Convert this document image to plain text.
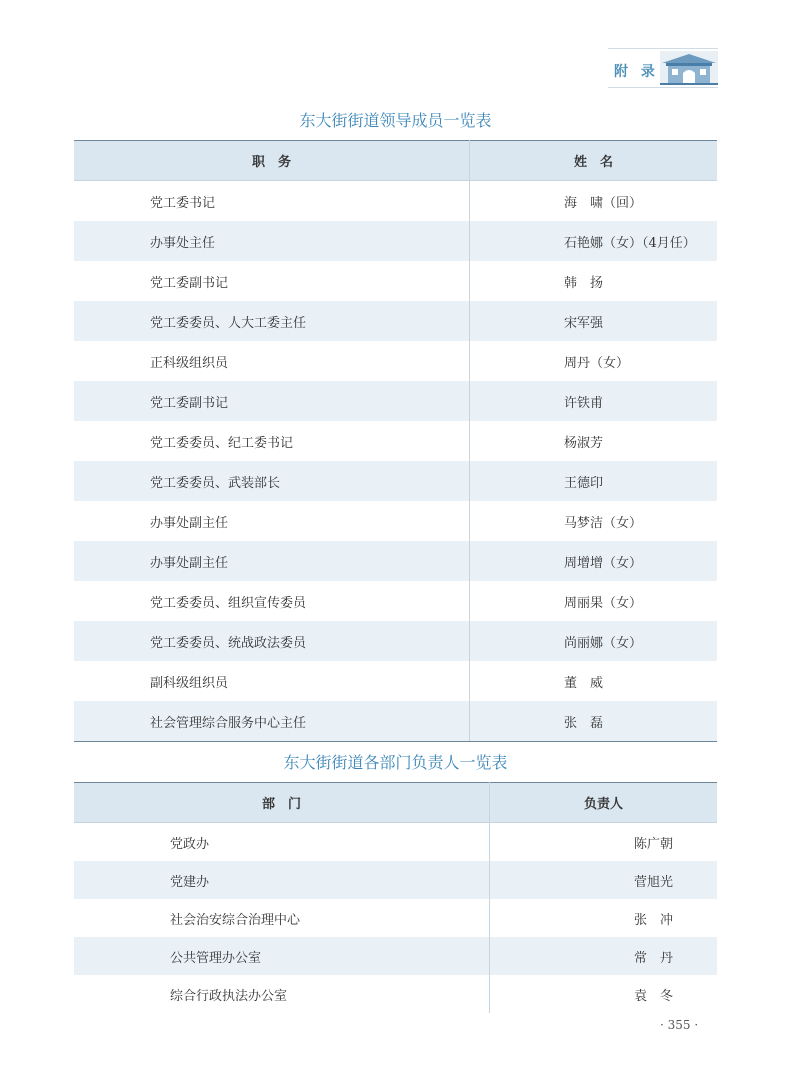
附 录
东大街街道领导成员一览表
职　务	姓　名
党工委书记	海　啸（回）
办事处主任	石艳娜（女）（4月任）
党工委副书记	韩　扬
党工委委员、人大工委主任	宋军强
正科级组织员	周丹（女）
党工委副书记	许铁甫
党工委委员、纪工委书记	杨淑芳
党工委委员、武装部长	王德印
办事处副主任	马梦洁（女）
办事处副主任	周增增（女）
党工委委员、组织宣传委员	周丽果（女）
党工委委员、统战政法委员	尚丽娜（女）
副科级组织员	董　威
社会管理综合服务中心主任	张　磊
东大街街道各部门负责人一览表
部　门	负责人
党政办	陈广朝
党建办	菅旭光
社会治安综合治理中心	张　冲
公共管理办公室	常　丹
综合行政执法办公室	袁　冬
· 355 ·
